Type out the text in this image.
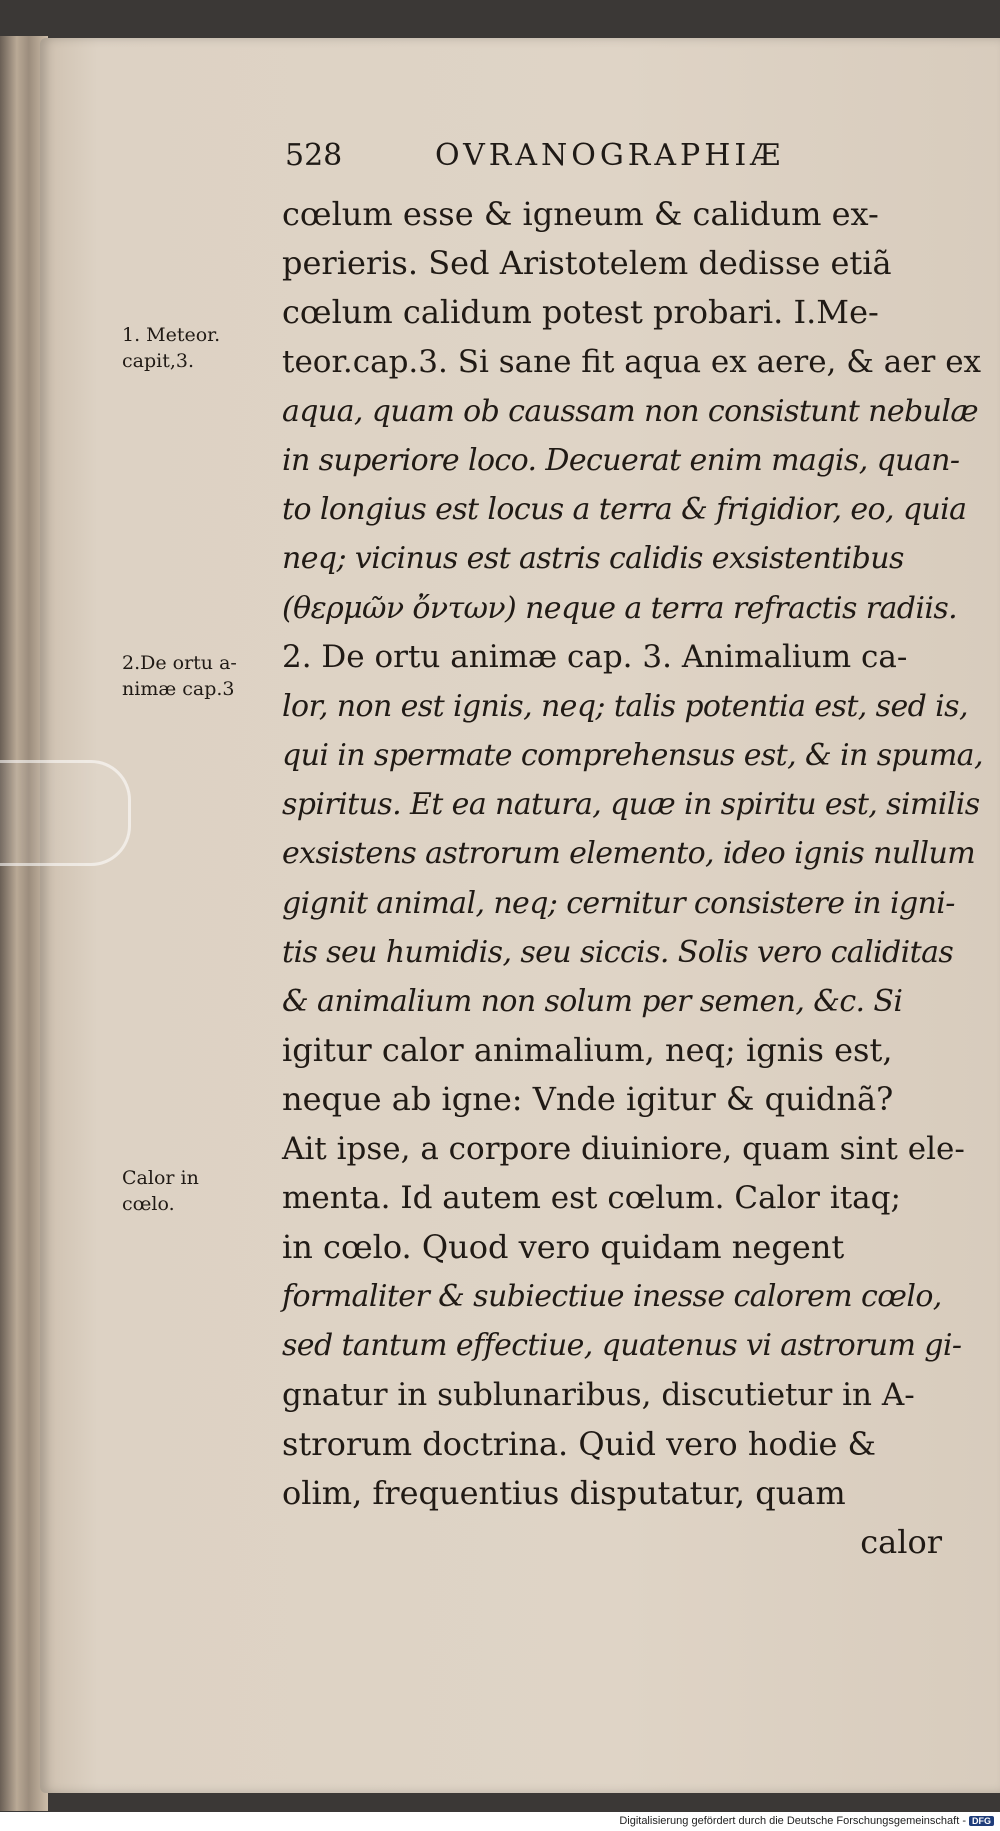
528	OVRANOGRAPHIÆ
1. Meteor.
capit,3.
2.De ortu a-
nimæ cap.3
Calor in
cœlo.
cœlum esse & igneum & calidum ex-
perieris. Sed Aristotelem dedisse etiã
cœlum calidum potest probari. I.Me-
teor.cap.3. Si sane fit aqua ex aere, & aer ex
aqua, quam ob caussam non consistunt nebulæ
in superiore loco. Decuerat enim magis, quan-
to longius est locus a terra & frigidior, eo, quia
neq; vicinus est astris calidis exsistentibus
(θερμῶν ὄντων) neque a terra refractis radiis.
2. De ortu animæ cap. 3. Animalium ca-
lor, non est ignis, neq; talis potentia est, sed is,
qui in spermate comprehensus est, & in spuma,
spiritus. Et ea natura, quæ in spiritu est, similis
exsistens astrorum elemento, ideo ignis nullum
gignit animal, neq; cernitur consistere in igni-
tis seu humidis, seu siccis. Solis vero caliditas
& animalium non solum per semen, &c. Si
igitur calor animalium, neq; ignis est,
neque ab igne: Vnde igitur & quidnã?
Ait ipse, a corpore diuiniore, quam sint ele-
menta. Id autem est cœlum. Calor itaq;
in cœlo. Quod vero quidam negent
formaliter & subiectiue inesse calorem cœlo,
sed tantum effectiue, quatenus vi astrorum gi-
gnatur in sublunaribus, discutietur in A-
strorum doctrina. Quid vero hodie &
olim, frequentius disputatur, quam
calor
Digitalisierung gefördert durch die Deutsche Forschungsgemeinschaft - DFG
